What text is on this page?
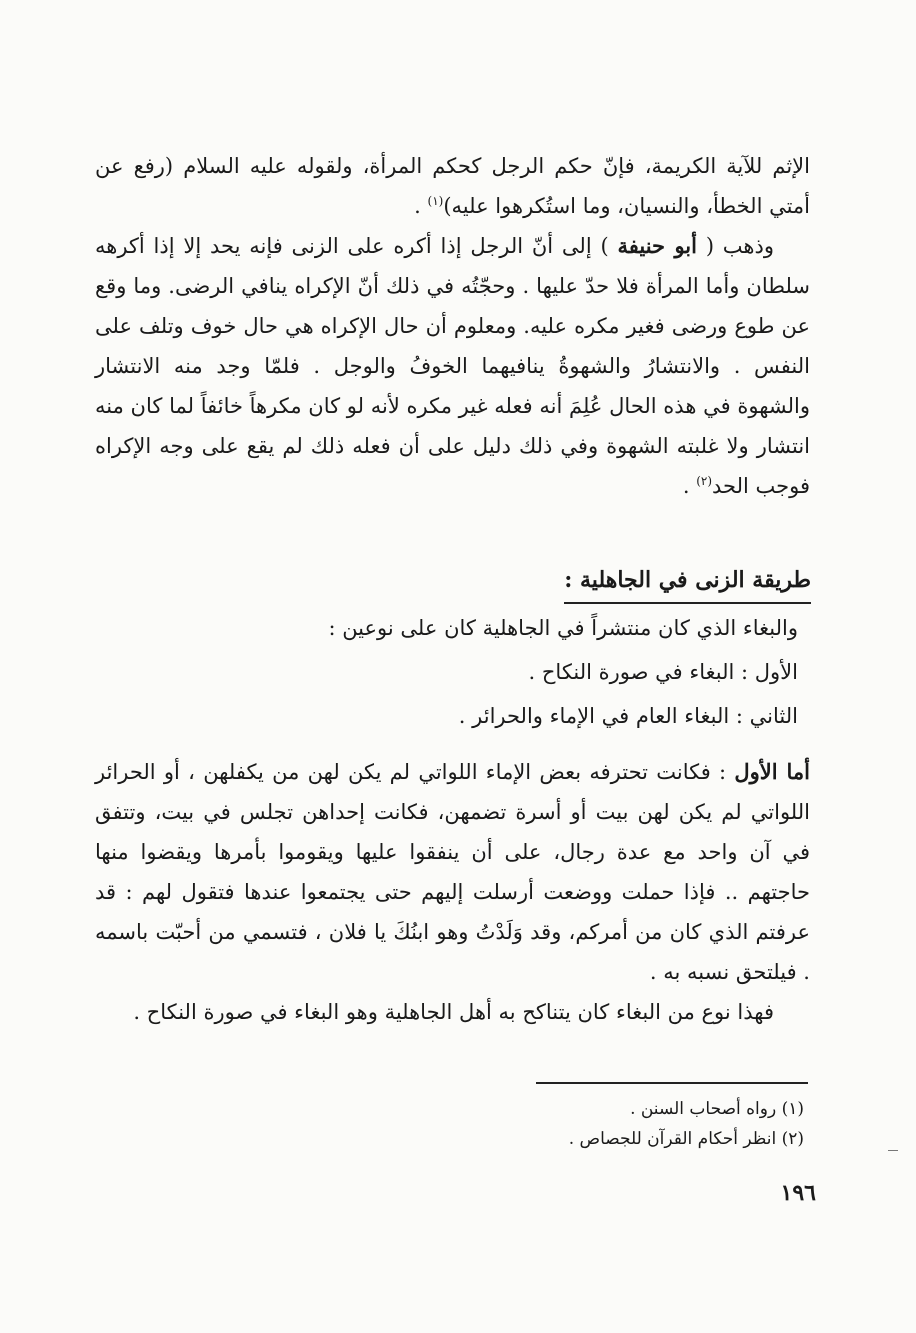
الإثم للآية الكريمة، فإنّ حكم الرجل كحكم المرأة، ولقوله عليه السلام (رفع عن أمتي الخطأ، والنسيان، وما استُكرهوا عليه)$^{(١)}$ .

وذهب ( أبو حنيفة ) إلى أنّ الرجل إذا أكره على الزنى فإنه يحد إلا إذا أكرهه سلطان وأما المرأة فلا حدّ عليها . وحجّتُه في ذلك أنّ الإكراه ينافي الرضى. وما وقع عن طوع ورضى فغير مكره عليه. ومعلوم أن حال الإكراه هي حال خوف وتلف على النفس . والانتشارُ والشهوةُ ينافيهما الخوفُ والوجل . فلمّا وجد منه الانتشار والشهوة في هذه الحال عُلِمَ أنه فعله غير مكره لأنه لو كان مكرهاً خائفاً لما كان منه انتشار ولا غلبته الشهوة وفي ذلك دليل على أن فعله ذلك لم يقع على وجه الإكراه فوجب الحد$^{(٢)}$ .

طريقة الزنى في الجاهلية :

والبغاء الذي كان منتشراً في الجاهلية كان على نوعين :

الأول : البغاء في صورة النكاح .

الثاني : البغاء العام في الإماء والحرائر .

أما الأول : فكانت تحترفه بعض الإماء اللواتي لم يكن لهن من يكفلهن ، أو الحرائر اللواتي لم يكن لهن بيت أو أسرة تضمهن، فكانت إحداهن تجلس في بيت، وتتفق في آن واحد مع عدة رجال، على أن ينفقوا عليها ويقوموا بأمرها ويقضوا منها حاجتهم .. فإذا حملت ووضعت أرسلت إليهم حتى يجتمعوا عندها فتقول لهم : قد عرفتم الذي كان من أمركم، وقد وَلَدْتُ وهو ابنُكَ يا فلان ، فتسمي من أحبّت باسمه . فيلتحق نسبه به .

فهذا نوع من البغاء كان يتناكح به أهل الجاهلية وهو البغاء في صورة النكاح .

(١) رواه أصحاب السنن .

(٢) انظر أحكام القرآن للجصاص .

١٩٦
